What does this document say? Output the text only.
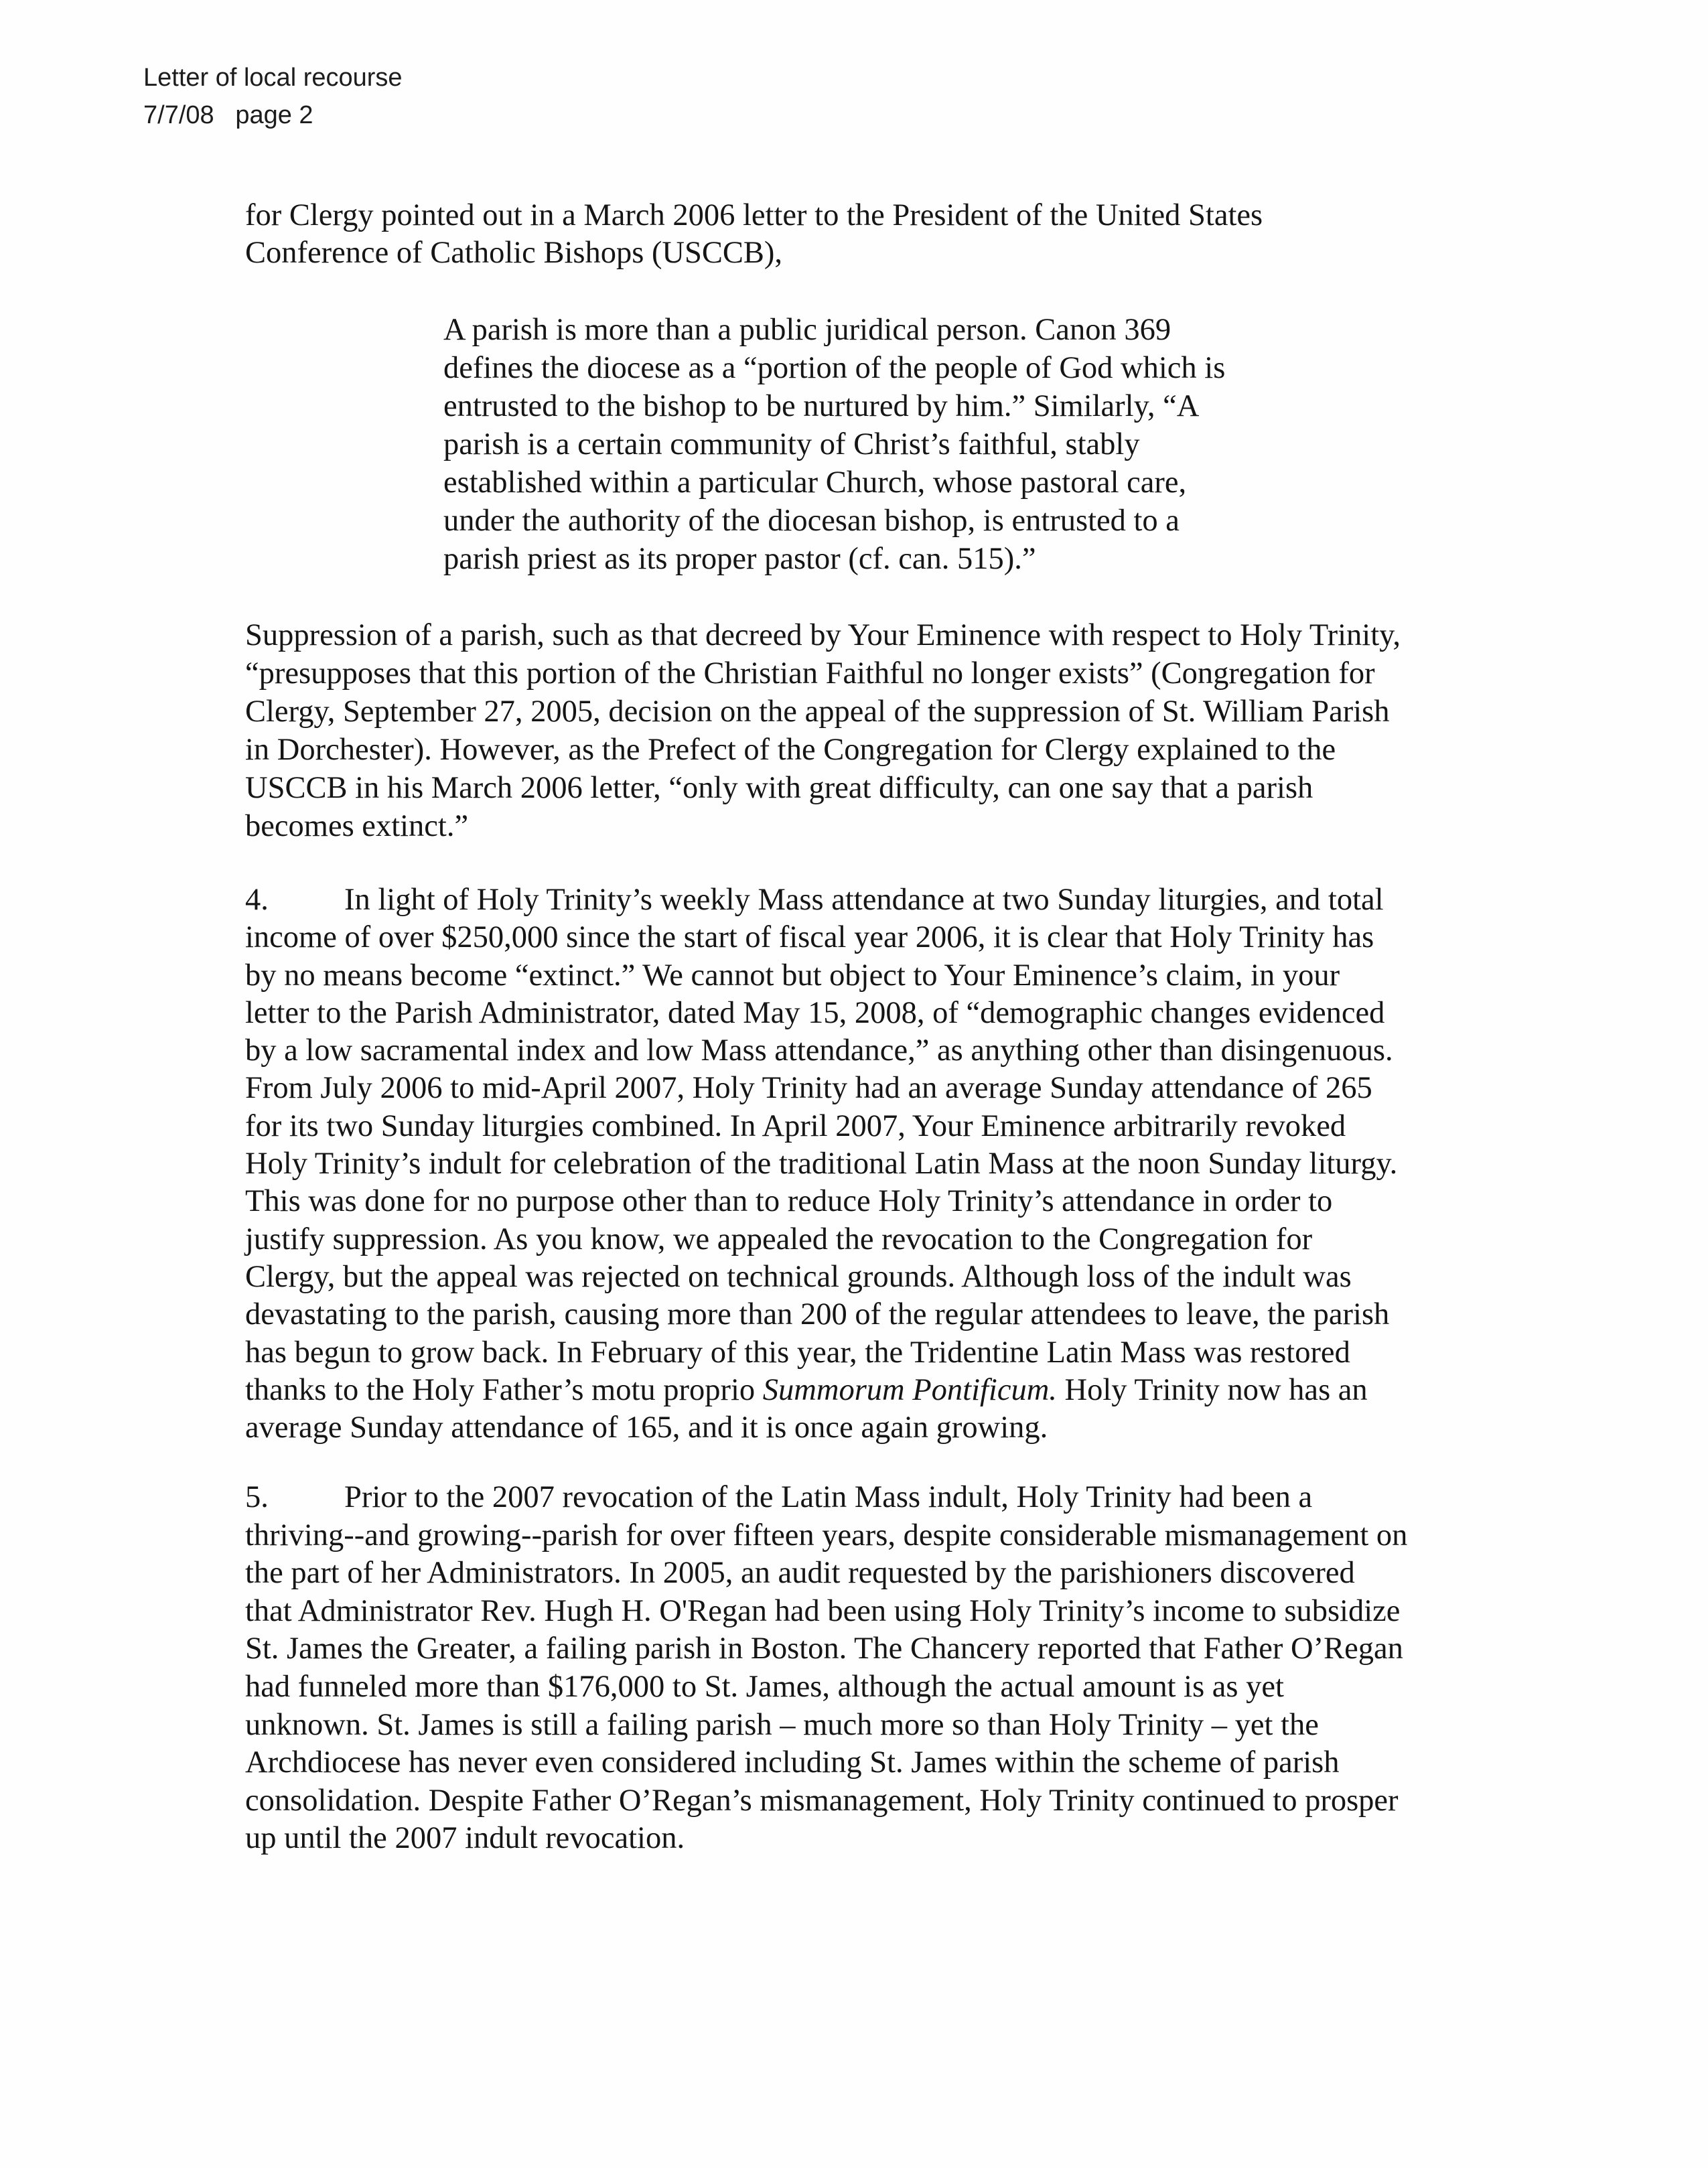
Letter of local recourse
7/7/08   page 2
for Clergy pointed out in a March 2006 letter to the President of the United States
Conference of Catholic Bishops (USCCB),
A parish is more than a public juridical person. Canon 369
defines the diocese as a “portion of the people of God which is
entrusted to the bishop to be nurtured by him.” Similarly, “A
parish is a certain community of Christ’s faithful, stably
established within a particular Church, whose pastoral care,
under the authority of the diocesan bishop, is entrusted to a
parish priest as its proper pastor (cf. can. 515).”
Suppression of a parish, such as that decreed by Your Eminence with respect to Holy Trinity,
“presupposes that this portion of the Christian Faithful no longer exists” (Congregation for
Clergy, September 27, 2005, decision on the appeal of the suppression of St. William Parish
in Dorchester). However, as the Prefect of the Congregation for Clergy explained to the
USCCB in his March 2006 letter, “only with great difficulty, can one say that a parish
becomes extinct.”
4. In light of Holy Trinity’s weekly Mass attendance at two Sunday liturgies, and total
income of over $250,000 since the start of fiscal year 2006, it is clear that Holy Trinity has
by no means become “extinct.” We cannot but object to Your Eminence’s claim, in your
letter to the Parish Administrator, dated May 15, 2008, of “demographic changes evidenced
by a low sacramental index and low Mass attendance,” as anything other than disingenuous.
From July 2006 to mid-April 2007, Holy Trinity had an average Sunday attendance of 265
for its two Sunday liturgies combined. In April 2007, Your Eminence arbitrarily revoked
Holy Trinity’s indult for celebration of the traditional Latin Mass at the noon Sunday liturgy.
This was done for no purpose other than to reduce Holy Trinity’s attendance in order to
justify suppression. As you know, we appealed the revocation to the Congregation for
Clergy, but the appeal was rejected on technical grounds. Although loss of the indult was
devastating to the parish, causing more than 200 of the regular attendees to leave, the parish
has begun to grow back. In February of this year, the Tridentine Latin Mass was restored
thanks to the Holy Father’s motu proprio Summorum Pontificum. Holy Trinity now has an
average Sunday attendance of 165, and it is once again growing.
5. Prior to the 2007 revocation of the Latin Mass indult, Holy Trinity had been a
thriving--and growing--parish for over fifteen years, despite considerable mismanagement on
the part of her Administrators. In 2005, an audit requested by the parishioners discovered
that Administrator Rev. Hugh H. O'Regan had been using Holy Trinity’s income to subsidize
St. James the Greater, a failing parish in Boston. The Chancery reported that Father O’Regan
had funneled more than $176,000 to St. James, although the actual amount is as yet
unknown. St. James is still a failing parish – much more so than Holy Trinity – yet the
Archdiocese has never even considered including St. James within the scheme of parish
consolidation. Despite Father O’Regan’s mismanagement, Holy Trinity continued to prosper
up until the 2007 indult revocation.
